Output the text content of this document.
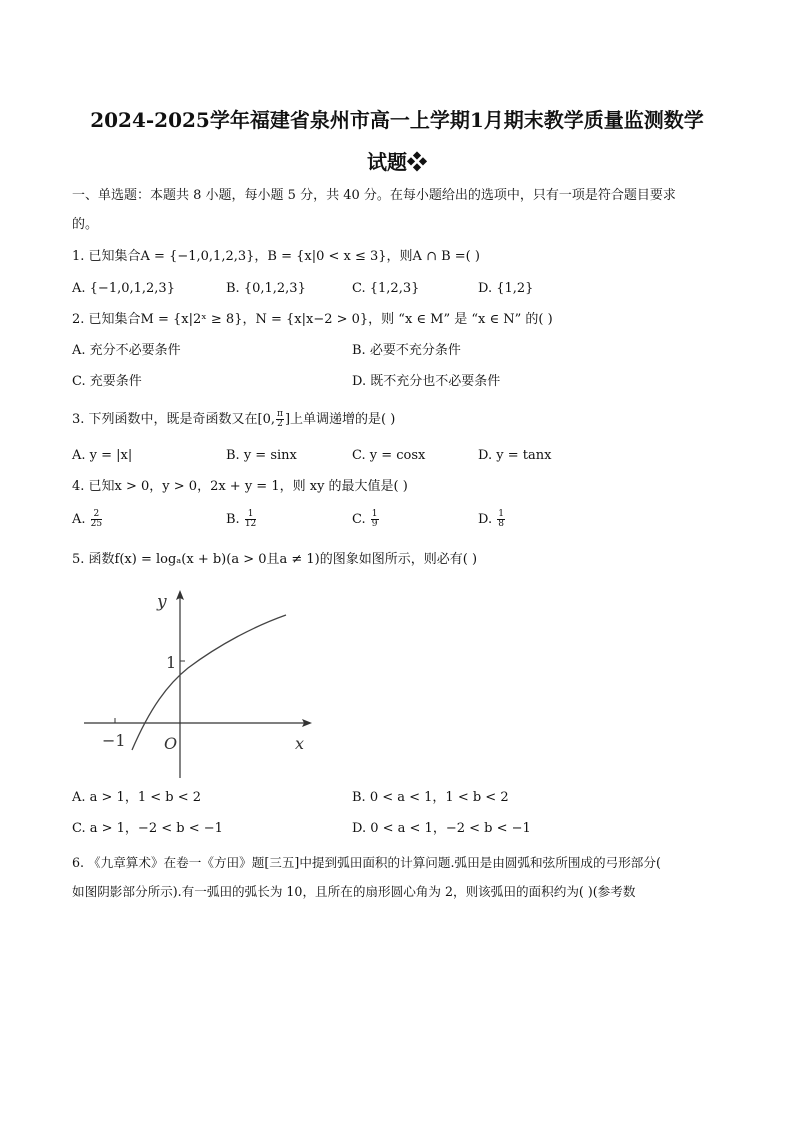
2024-2025学年福建省泉州市高一上学期1月期末教学质量监测数学
试题❖
一、单选题：本题共 8 小题，每小题 5 分，共 40 分。在每小题给出的选项中，只有一项是符合题目要求
的。
1. 已知集合A = {−1,0,1,2,3}，B = {x|0 < x ≤ 3}，则A ∩ B =( )
A. {−1,0,1,2,3}	B. {0,1,2,3}	C. {1,2,3}	D. {1,2}
2. 已知集合M = {x|2ˣ ≥ 8}，N = {x|x−2 > 0}，则 “x ∈ M” 是 “x ∈ N” 的( )
A. 充分不必要条件	B. 必要不充分条件
C. 充要条件	D. 既不充分也不必要条件
3. 下列函数中，既是奇函数又在[0, $\frac{\pi}{2}$ ]上单调递增的是( )
A. y = |x|	B. y = sinx	C. y = cosx	D. y = tanx
4. 已知x > 0，y > 0，2x + y = 1，则 xy 的最大值是( )
A. $\frac{2}{25}$	B. $\frac{1}{12}$	C. $\frac{1}{9}$	D. $\frac{1}{8}$
5. 函数f(x) = logₐ(x + b)(a > 0且a ≠ 1)的图象如图所示，则必有( )
y
x
O
1
−1
A. a > 1，1 < b < 2	B. 0 < a < 1，1 < b < 2
C. a > 1，−2 < b < −1	D. 0 < a < 1，−2 < b < −1
6. 《九章算术》在卷一《方田》题[三五]中提到弧田面积的计算问题.弧田是由圆弧和弦所围成的弓形部分(
如图阴影部分所示).有一弧田的弧长为 10，且所在的扇形圆心角为 2，则该弧田的面积约为( )(参考数
